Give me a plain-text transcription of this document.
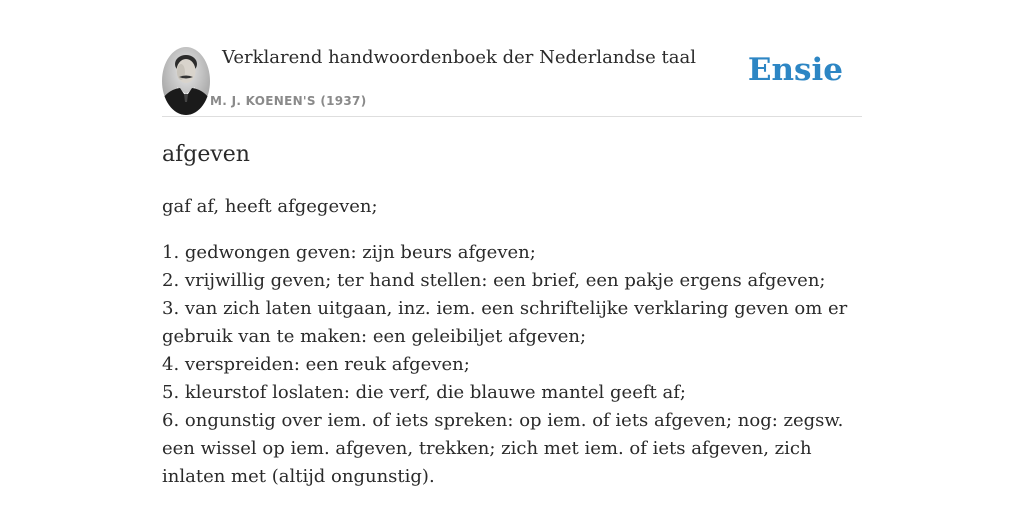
Verklarend handwoordenboek der Nederlandse taal
M. J. KOENEN'S (1937)
Ensie
afgeven

gaf af, heeft afgegeven;

1. gedwongen geven: zijn beurs afgeven;
2. vrijwillig geven; ter hand stellen: een brief, een pakje ergens afgeven;
3. van zich laten uitgaan, inz. iem. een schriftelijke verklaring geven om er gebruik van te maken: een geleibiljet afgeven;
4. verspreiden: een reuk afgeven;
5. kleurstof loslaten: die verf, die blauwe mantel geeft af;
6. ongunstig over iem. of iets spreken: op iem. of iets afgeven; nog: zegsw. een wissel op iem. afgeven, trekken; zich met iem. of iets afgeven, zich inlaten met (altijd ongunstig).
